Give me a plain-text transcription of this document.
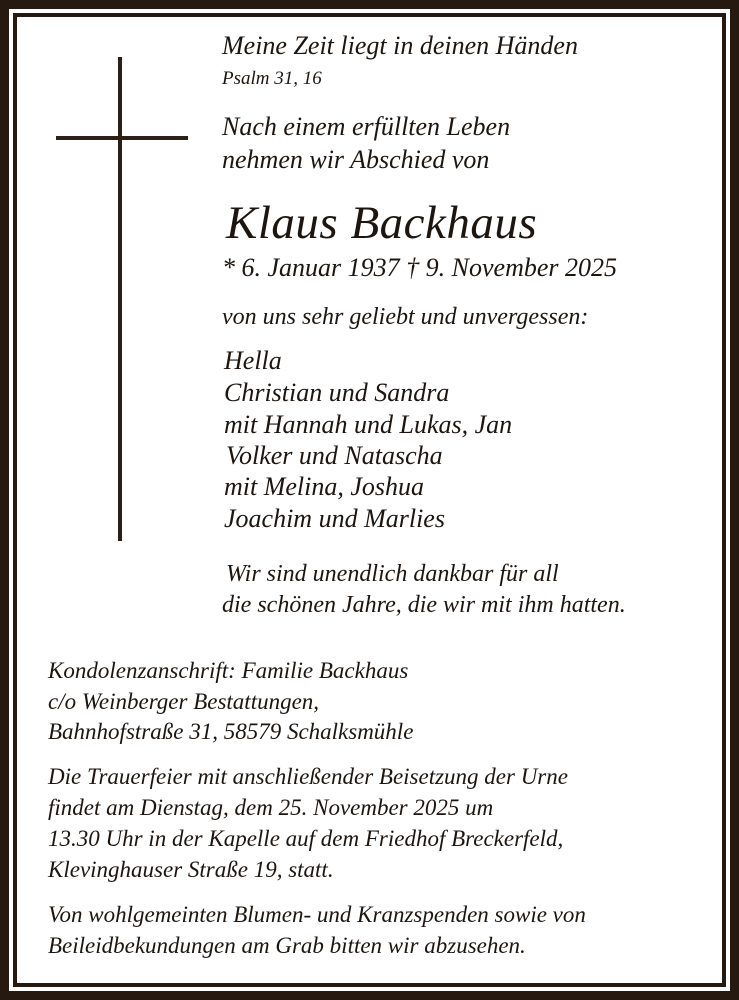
Meine Zeit liegt in deinen Händen
Psalm 31, 16
Nach einem erfüllten Leben
nehmen wir Abschied von
Klaus Backhaus
* 6. Januar 1937 † 9. November 2025
von uns sehr geliebt und unvergessen:
Hella
Christian und Sandra
mit Hannah und Lukas, Jan
Volker und Natascha
mit Melina, Joshua
Joachim und Marlies
Wir sind unendlich dankbar für all
die schönen Jahre, die wir mit ihm hatten.
Kondolenzanschrift: Familie Backhaus
c/o Weinberger Bestattungen,
Bahnhofstraße 31, 58579 Schalksmühle
Die Trauerfeier mit anschließender Beisetzung der Urne
findet am Dienstag, dem 25. November 2025 um
13.30 Uhr in der Kapelle auf dem Friedhof Breckerfeld,
Klevinghauser Straße 19, statt.
Von wohlgemeinten Blumen- und Kranzspenden sowie von
Beileidbekundungen am Grab bitten wir abzusehen.
